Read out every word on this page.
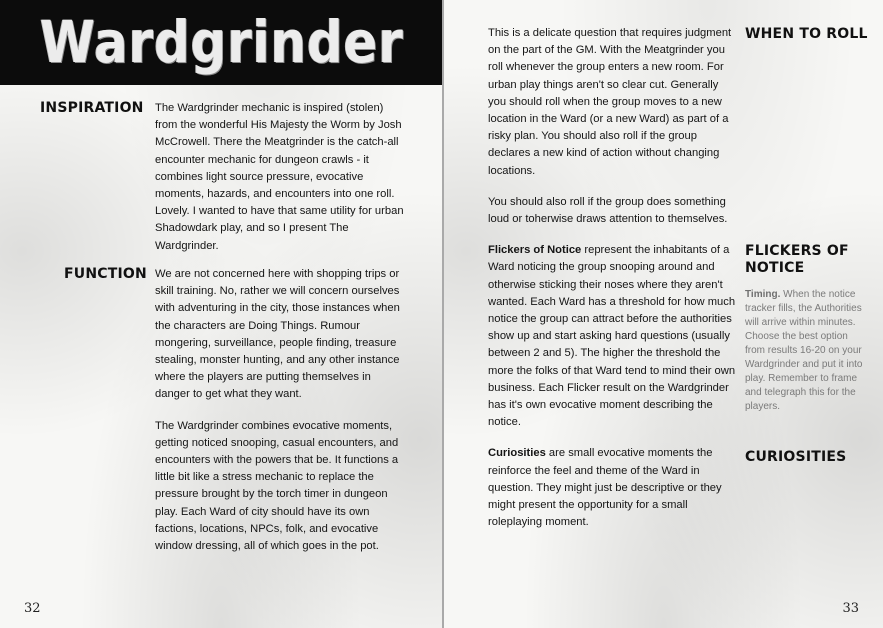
Wardgrinder
INSPIRATION The Wardgrinder mechanic is inspired (stolen) from the wonderful His Majesty the Worm by Josh McCrowell. There the Meatgrinder is the catch-all encounter mechanic for dungeon crawls - it combines light source pressure, evocative moments, hazards, and encounters into one roll. Lovely. I wanted to have that same utility for urban Shadowdark play, and so I present The Wardgrinder.

FUNCTION We are not concerned here with shopping trips or skill training. No, rather we will concern ourselves with adventuring in the city, those instances when the characters are Doing Things. Rumour mongering, surveillance, people finding, treasure stealing, monster hunting, and any other instance where the players are putting themselves in danger to get what they want.

The Wardgrinder combines evocative moments, getting noticed snooping, casual encounters, and encounters with the powers that be. It functions a little bit like a stress mechanic to replace the pressure brought by the torch timer in dungeon play. Each Ward of city should have its own factions, locations, NPCs, folk, and evocative window dressing, all of which goes in the pot.

32

This is a delicate question that requires judgment on the part of the GM. With the Meatgrinder you roll whenever the group enters a new room. For urban play things aren't so clear cut. Generally you should roll when the group moves to a new location in the Ward (or a new Ward) as part of a risky plan. You should also roll if the group declares a new kind of action without changing locations.

You should also roll if the group does something loud or toherwise draws attention to themselves.

Flickers of Notice represent the inhabitants of a Ward noticing the group snooping around and otherwise sticking their noses where they aren't wanted. Each Ward has a threshold for how much notice the group can attract before the authorities show up and start asking hard questions (usually between 2 and 5). The higher the threshold the more the folks of that Ward tend to mind their own business. Each Flicker result on the Wardgrinder has it's own evocative moment describing the notice.

Curiosities are small evocative moments the reinforce the feel and theme of the Ward in question. They might just be descriptive or they might present the opportunity for a small roleplaying moment.

WHEN TO ROLL
FLICKERS OF
NOTICE
Timing. When the notice tracker fills, the Authorities will arrive within minutes. Choose the best option from results 16-20 on your Wardgrinder and put it into play. Remember to frame and telegraph this for the players.
CURIOSITIES
33
